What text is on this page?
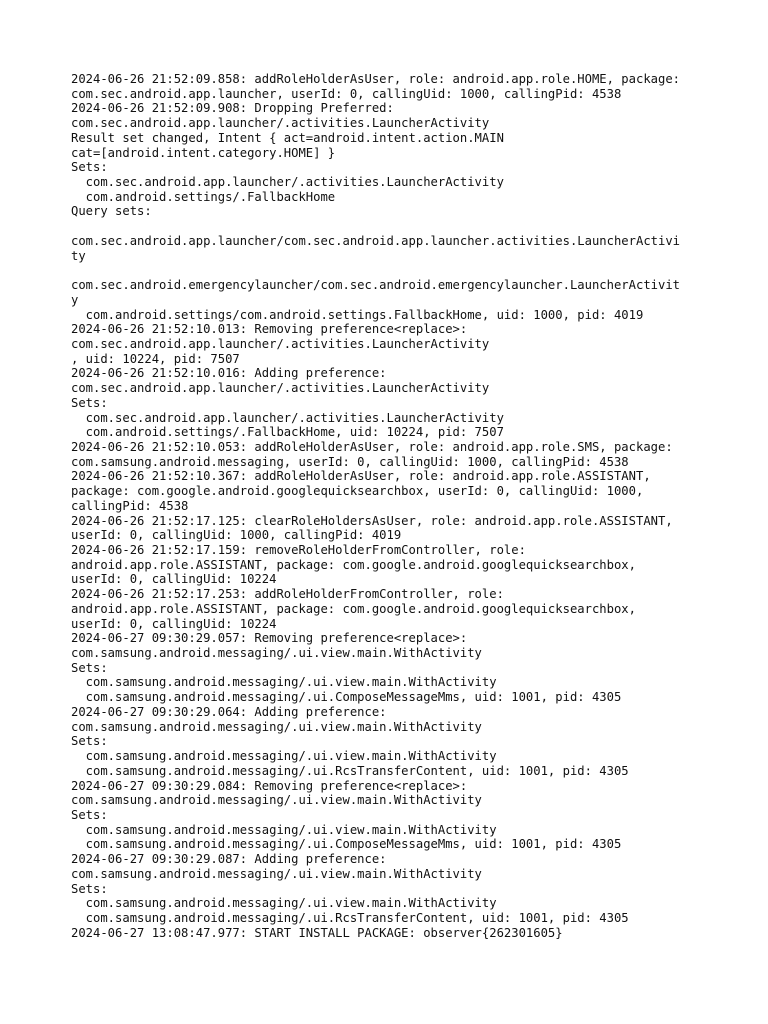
2024-06-26 21:52:09.858: addRoleHolderAsUser, role: android.app.role.HOME, package:
com.sec.android.app.launcher, userId: 0, callingUid: 1000, callingPid: 4538
2024-06-26 21:52:09.908: Dropping Preferred:
com.sec.android.app.launcher/.activities.LauncherActivity
Result set changed, Intent { act=android.intent.action.MAIN
cat=[android.intent.category.HOME] }
Sets:
com.sec.android.app.launcher/.activities.LauncherActivity
com.android.settings/.FallbackHome
Query sets:
com.sec.android.app.launcher/com.sec.android.app.launcher.activities.LauncherActivi
ty
com.sec.android.emergencylauncher/com.sec.android.emergencylauncher.LauncherActivit
y
com.android.settings/com.android.settings.FallbackHome, uid: 1000, pid: 4019
2024-06-26 21:52:10.013: Removing preference<replace>:
com.sec.android.app.launcher/.activities.LauncherActivity
, uid: 10224, pid: 7507
2024-06-26 21:52:10.016: Adding preference:
com.sec.android.app.launcher/.activities.LauncherActivity
Sets:
com.sec.android.app.launcher/.activities.LauncherActivity
com.android.settings/.FallbackHome, uid: 10224, pid: 7507
2024-06-26 21:52:10.053: addRoleHolderAsUser, role: android.app.role.SMS, package:
com.samsung.android.messaging, userId: 0, callingUid: 1000, callingPid: 4538
2024-06-26 21:52:10.367: addRoleHolderAsUser, role: android.app.role.ASSISTANT,
package: com.google.android.googlequicksearchbox, userId: 0, callingUid: 1000,
callingPid: 4538
2024-06-26 21:52:17.125: clearRoleHoldersAsUser, role: android.app.role.ASSISTANT,
userId: 0, callingUid: 1000, callingPid: 4019
2024-06-26 21:52:17.159: removeRoleHolderFromController, role:
android.app.role.ASSISTANT, package: com.google.android.googlequicksearchbox,
userId: 0, callingUid: 10224
2024-06-26 21:52:17.253: addRoleHolderFromController, role:
android.app.role.ASSISTANT, package: com.google.android.googlequicksearchbox,
userId: 0, callingUid: 10224
2024-06-27 09:30:29.057: Removing preference<replace>:
com.samsung.android.messaging/.ui.view.main.WithActivity
Sets:
com.samsung.android.messaging/.ui.view.main.WithActivity
com.samsung.android.messaging/.ui.ComposeMessageMms, uid: 1001, pid: 4305
2024-06-27 09:30:29.064: Adding preference:
com.samsung.android.messaging/.ui.view.main.WithActivity
Sets:
com.samsung.android.messaging/.ui.view.main.WithActivity
com.samsung.android.messaging/.ui.RcsTransferContent, uid: 1001, pid: 4305
2024-06-27 09:30:29.084: Removing preference<replace>:
com.samsung.android.messaging/.ui.view.main.WithActivity
Sets:
com.samsung.android.messaging/.ui.view.main.WithActivity
com.samsung.android.messaging/.ui.ComposeMessageMms, uid: 1001, pid: 4305
2024-06-27 09:30:29.087: Adding preference:
com.samsung.android.messaging/.ui.view.main.WithActivity
Sets:
com.samsung.android.messaging/.ui.view.main.WithActivity
com.samsung.android.messaging/.ui.RcsTransferContent, uid: 1001, pid: 4305
2024-06-27 13:08:47.977: START INSTALL PACKAGE: observer{262301605}
